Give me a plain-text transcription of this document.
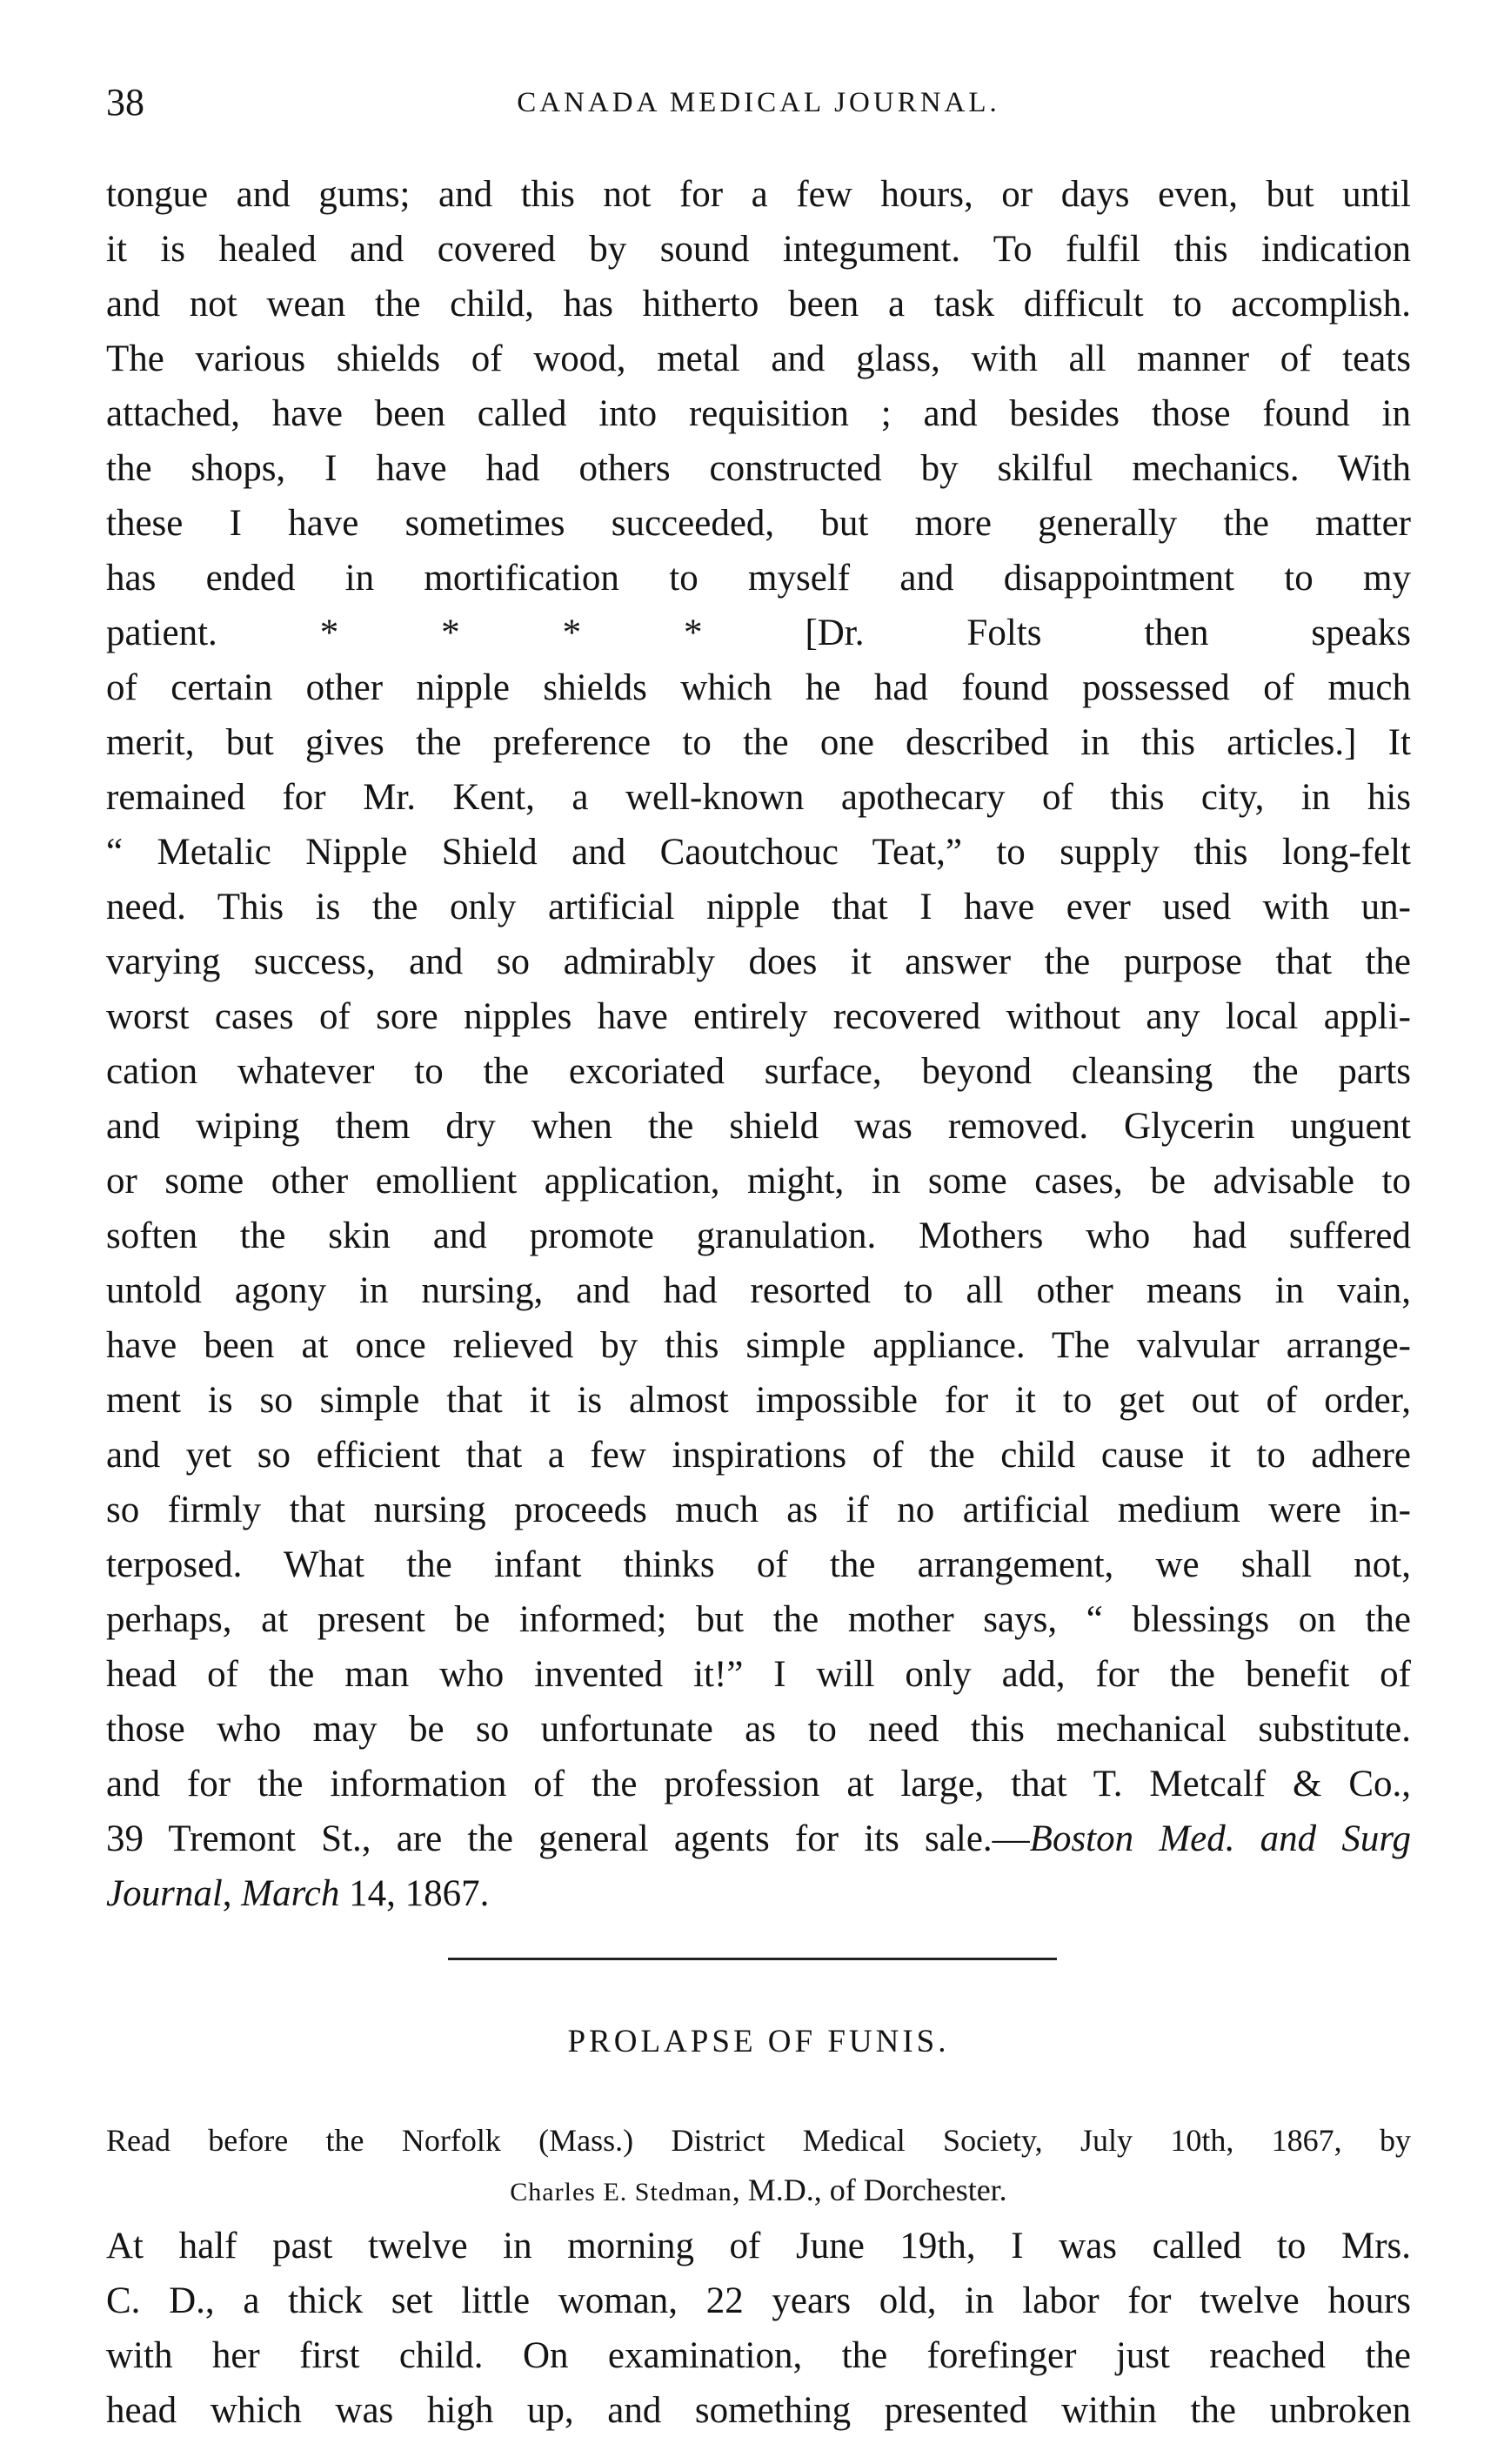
38	CANADA MEDICAL JOURNAL.
tongue and gums; and this not for a few hours, or days even, but until
it is healed and covered by sound integument. To fulfil this indication
and not wean the child, has hitherto been a task difficult to accomplish.
The various shields of wood, metal and glass, with all manner of teats
attached, have been called into requisition ; and besides those found in
the shops, I have had others constructed by skilful mechanics. With
these I have sometimes succeeded, but more generally the matter
has ended in mortification to myself and disappointment to my
patient.	* * * *	[Dr. Folts then speaks
of certain other nipple shields which he had found possessed of much
merit, but gives the preference to the one described in this articles.] It
remained for Mr. Kent, a well-known apothecary of this city, in his
“ Metalic Nipple Shield and Caoutchouc Teat,” to supply this long-felt
need. This is the only artificial nipple that I have ever used with un-
varying success, and so admirably does it answer the purpose that the
worst cases of sore nipples have entirely recovered without any local appli-
cation whatever to the excoriated surface, beyond cleansing the parts
and wiping them dry when the shield was removed. Glycerin unguent
or some other emollient application, might, in some cases, be advisable to
soften the skin and promote granulation. Mothers who had suffered
untold agony in nursing, and had resorted to all other means in vain,
have been at once relieved by this simple appliance. The valvular arrange-
ment is so simple that it is almost impossible for it to get out of order,
and yet so efficient that a few inspirations of the child cause it to adhere
so firmly that nursing proceeds much as if no artificial medium were in-
terposed. What the infant thinks of the arrangement, we shall not,
perhaps, at present be informed; but the mother says, “ blessings on the
head of the man who invented it!” I will only add, for the benefit of
those who may be so unfortunate as to need this mechanical substitute.
and for the information of the profession at large, that T. Metcalf & Co.,
39 Tremont St., are the general agents for its sale.—Boston Med. and Surg
Journal, March 14, 1867.
PROLAPSE OF FUNIS.
Read before the Norfolk (Mass.) District Medical Society, July 10th, 1867, by
Charles E. Stedman, M.D., of Dorchester.
At half past twelve in morning of June 19th, I was called to Mrs.
C. D., a thick set little woman, 22 years old, in labor for twelve hours
with her first child. On examination, the forefinger just reached the
head which was high up, and something presented within the unbroken
